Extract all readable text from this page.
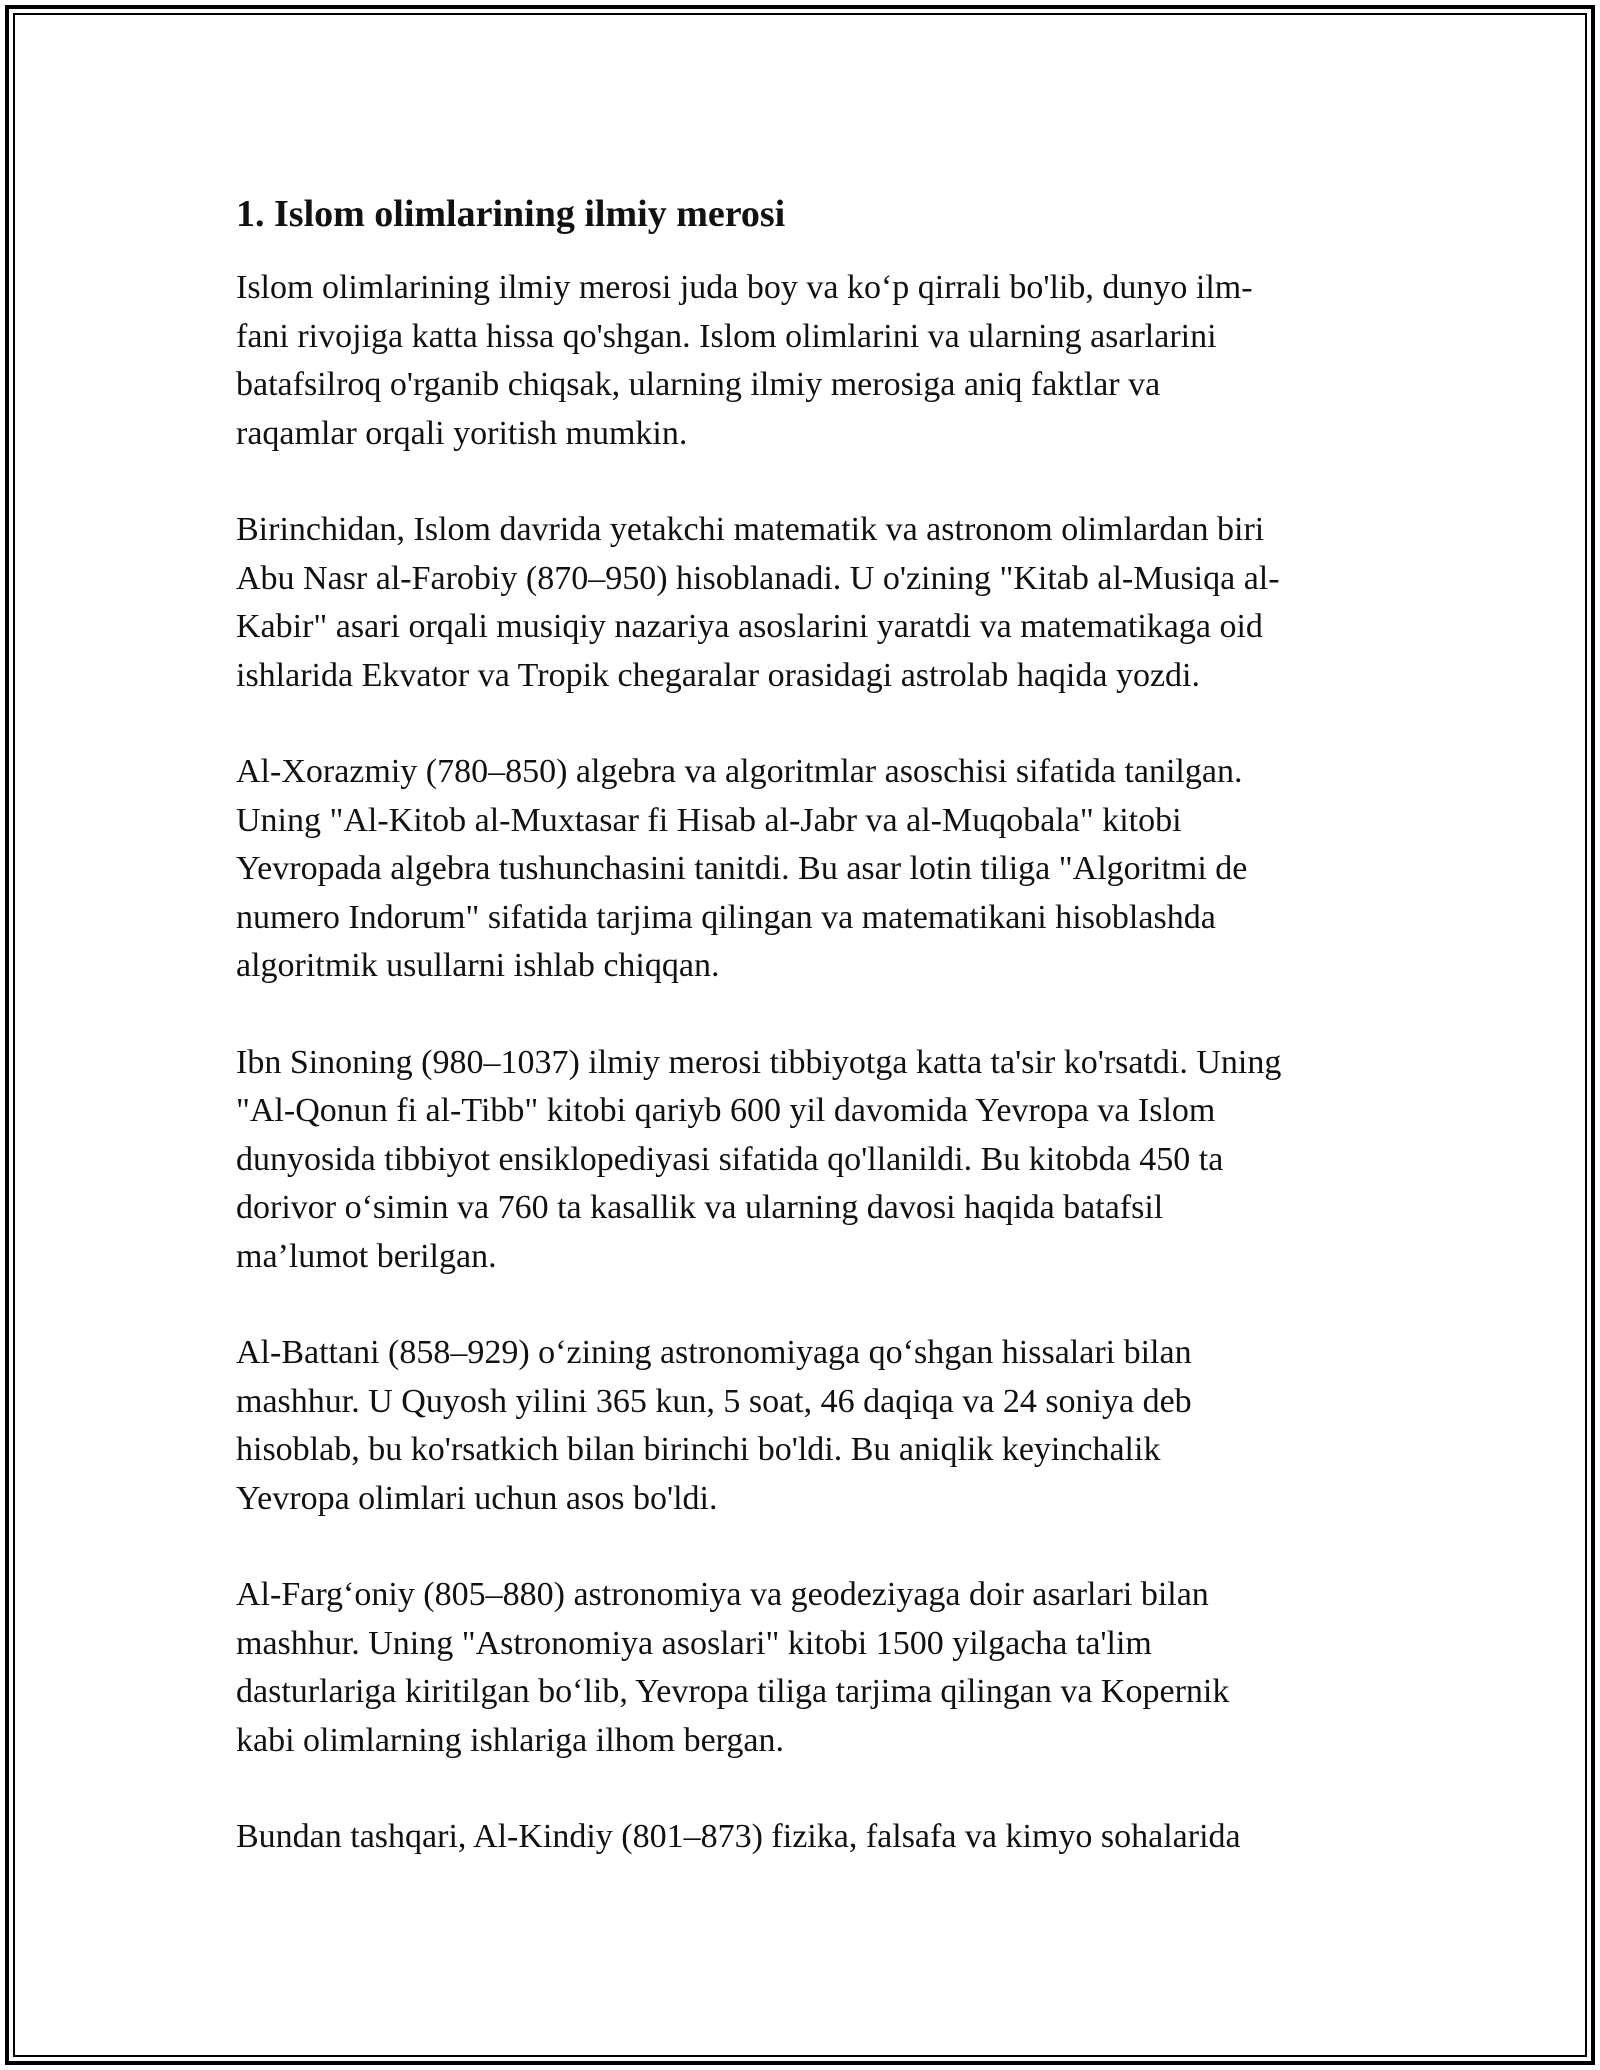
1. Islom olimlarining ilmiy merosi

Islom olimlarining ilmiy merosi juda boy va koʻp qirrali bo'lib, dunyo ilm-
fani rivojiga katta hissa qo'shgan. Islom olimlarini va ularning asarlarini
batafsilroq o'rganib chiqsak, ularning ilmiy merosiga aniq faktlar va
raqamlar orqali yoritish mumkin.

Birinchidan, Islom davrida yetakchi matematik va astronom olimlardan biri
Abu Nasr al-Farobiy (870–950) hisoblanadi. U o'zining "Kitab al-Musiqa al-
Kabir" asari orqali musiqiy nazariya asoslarini yaratdi va matematikaga oid
ishlarida Ekvator va Tropik chegaralar orasidagi astrolab haqida yozdi.

Al-Xorazmiy (780–850) algebra va algoritmlar asoschisi sifatida tanilgan.
Uning "Al-Kitob al-Muxtasar fi Hisab al-Jabr va al-Muqobala" kitobi
Yevropada algebra tushunchasini tanitdi. Bu asar lotin tiliga "Algoritmi de
numero Indorum" sifatida tarjima qilingan va matematikani hisoblashda
algoritmik usullarni ishlab chiqqan.

Ibn Sinoning (980–1037) ilmiy merosi tibbiyotga katta ta'sir ko'rsatdi. Uning
"Al-Qonun fi al-Tibb" kitobi qariyb 600 yil davomida Yevropa va Islom
dunyosida tibbiyot ensiklopediyasi sifatida qo'llanildi. Bu kitobda 450 ta
dorivor oʻsimin va 760 ta kasallik va ularning davosi haqida batafsil
ma’lumot berilgan.

Al-Battani (858–929) oʻzining astronomiyaga qoʻshgan hissalari bilan
mashhur. U Quyosh yilini 365 kun, 5 soat, 46 daqiqa va 24 soniya deb
hisoblab, bu ko'rsatkich bilan birinchi bo'ldi. Bu aniqlik keyinchalik
Yevropa olimlari uchun asos bo'ldi.

Al-Fargʻoniy (805–880) astronomiya va geodeziyaga doir asarlari bilan
mashhur. Uning "Astronomiya asoslari" kitobi 1500 yilgacha ta'lim
dasturlariga kiritilgan boʻlib, Yevropa tiliga tarjima qilingan va Kopernik
kabi olimlarning ishlariga ilhom bergan.

Bundan tashqari, Al-Kindiy (801–873) fizika, falsafa va kimyo sohalarida
